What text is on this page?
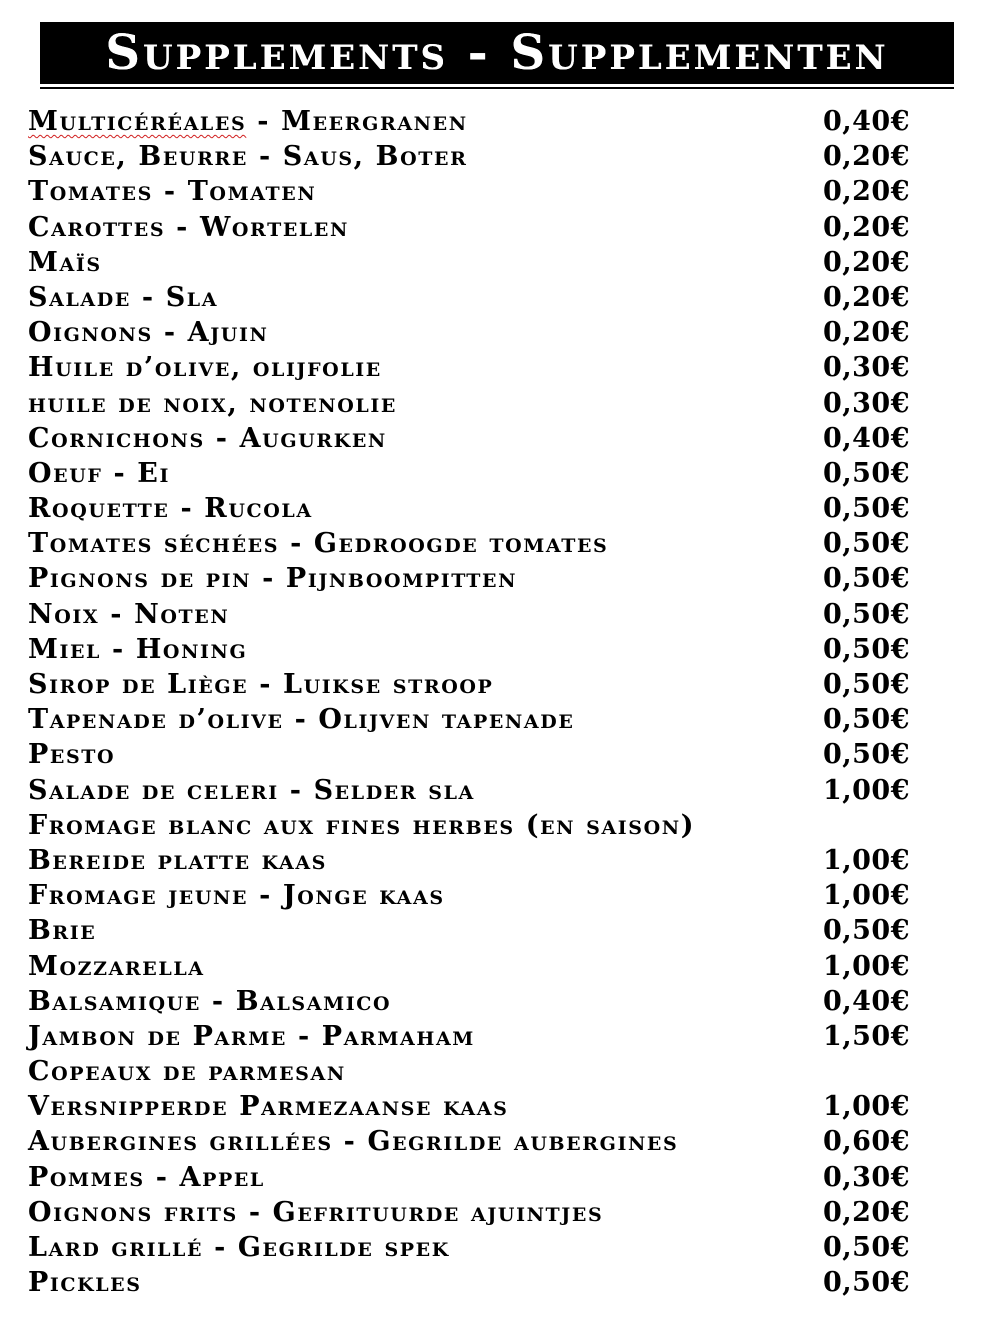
Supplements - Supplementen
Multicéréales - Meergranen	0,40€
Sauce, Beurre - Saus, Boter	0,20€
Tomates - Tomaten	0,20€
Carottes - Wortelen	0,20€
Maïs	0,20€
Salade - Sla	0,20€
Oignons - Ajuin	0,20€
Huile d’olive, olijfolie	0,30€
huile de noix, notenolie	0,30€
Cornichons - Augurken	0,40€
Oeuf - Ei	0,50€
Roquette - Rucola	0,50€
Tomates séchées - Gedroogde tomates	0,50€
Pignons de pin - Pijnboompitten	0,50€
Noix - Noten	0,50€
Miel - Honing	0,50€
Sirop de Liège - Luikse stroop	0,50€
Tapenade d’olive - Olijven tapenade	0,50€
Pesto	0,50€
Salade de celeri - Selder sla	1,00€
Fromage blanc aux fines herbes (en saison)
Bereide platte kaas	1,00€
Fromage jeune - Jonge kaas	1,00€
Brie	0,50€
Mozzarella	1,00€
Balsamique - Balsamico	0,40€
Jambon de Parme - Parmaham	1,50€
Copeaux de parmesan
Versnipperde Parmezaanse kaas	1,00€
Aubergines grillées - Gegrilde aubergines	0,60€
Pommes - Appel	0,30€
Oignons frits - Gefrituurde ajuintjes	0,20€
Lard grillé - Gegrilde spek	0,50€
Pickles	0,50€
